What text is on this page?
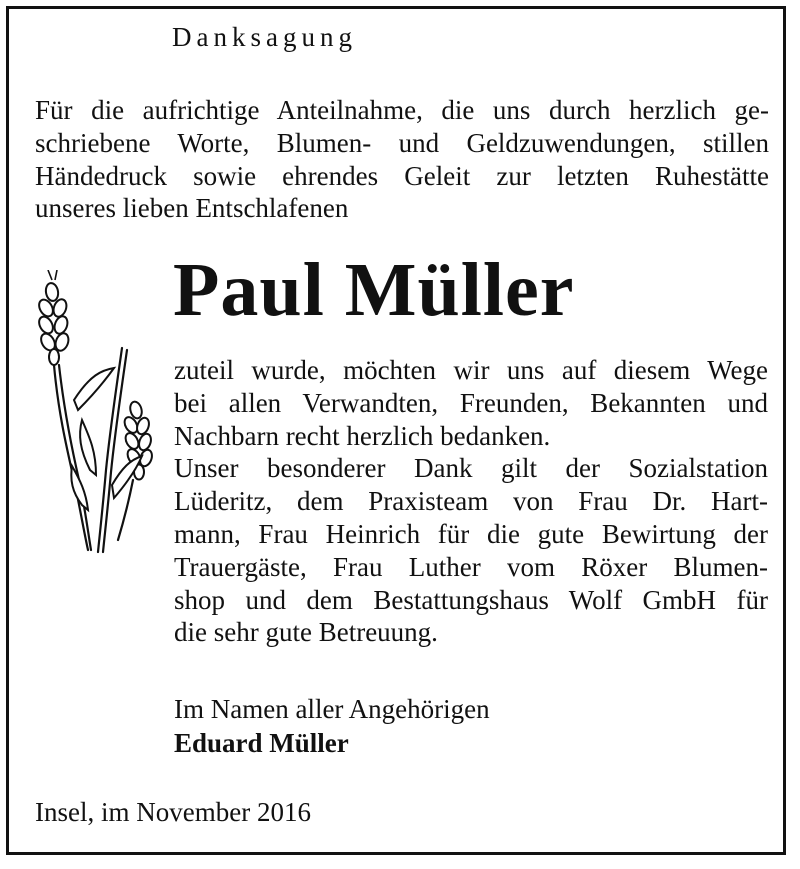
Danksagung

Für die aufrichtige Anteilnahme, die uns durch herzlich ge-
schriebene Worte, Blumen- und Geldzuwendungen, stillen
Händedruck sowie ehrendes Geleit zur letzten Ruhestätte
unseres lieben Entschlafenen

Paul Müller

zuteil wurde, möchten wir uns auf diesem Wege
bei allen Verwandten, Freunden, Bekannten und
Nachbarn recht herzlich bedanken.
Unser besonderer Dank gilt der Sozialstation
Lüderitz, dem Praxisteam von Frau Dr. Hart-
mann, Frau Heinrich für die gute Bewirtung der
Trauergäste, Frau Luther vom Röxer Blumen-
shop und dem Bestattungshaus Wolf GmbH für
die sehr gute Betreuung.

Im Namen aller Angehörigen
Eduard Müller
Insel, im November 2016
